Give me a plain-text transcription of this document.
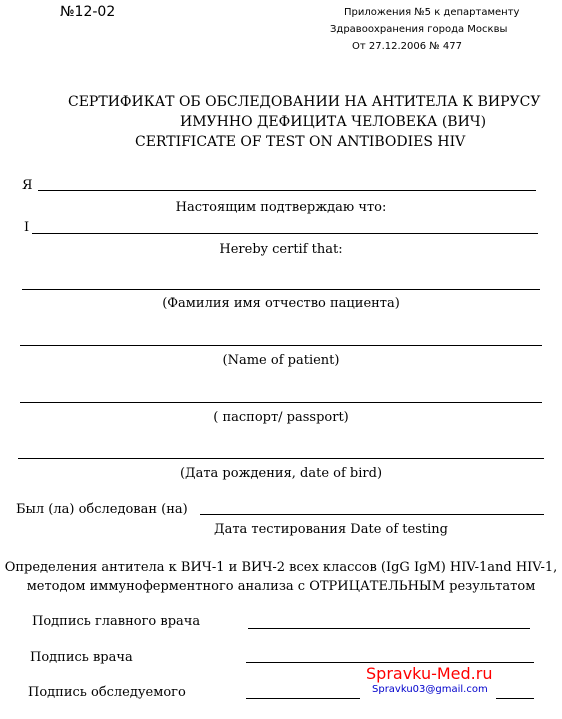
№12-02	Приложения №5 к департаменту
Здравоохранения города Москвы
От 27.12.2006 № 477
СЕРТИФИКАТ ОБ ОБСЛЕДОВАНИИ НА АНТИТЕЛА К ВИРУСУ
ИМУННО ДЕФИЦИТА ЧЕЛОВЕКА (ВИЧ)
CERTIFICATE OF TEST ON ANTIBODIES HIV
Я
Настоящим подтверждаю что:
I
Hereby certif that:
(Фамилия имя отчество пациента)
(Name of patient)
( паспорт/ passport)
(Дата рождения, date of bird)
Был (ла) обследован (на)
Дата тестирования Date of testing
Определения антитела к ВИЧ-1 и ВИЧ-2 всех классов (IgG IgM) HIV-1and HIV-1,
методом иммуноферментного анализа с ОТРИЦАТЕЛЬНЫМ результатом
Подпись главного врача
Подпись врача
Подпись обследуемого
Spravku-Med.ru
Spravku03@gmail.com
